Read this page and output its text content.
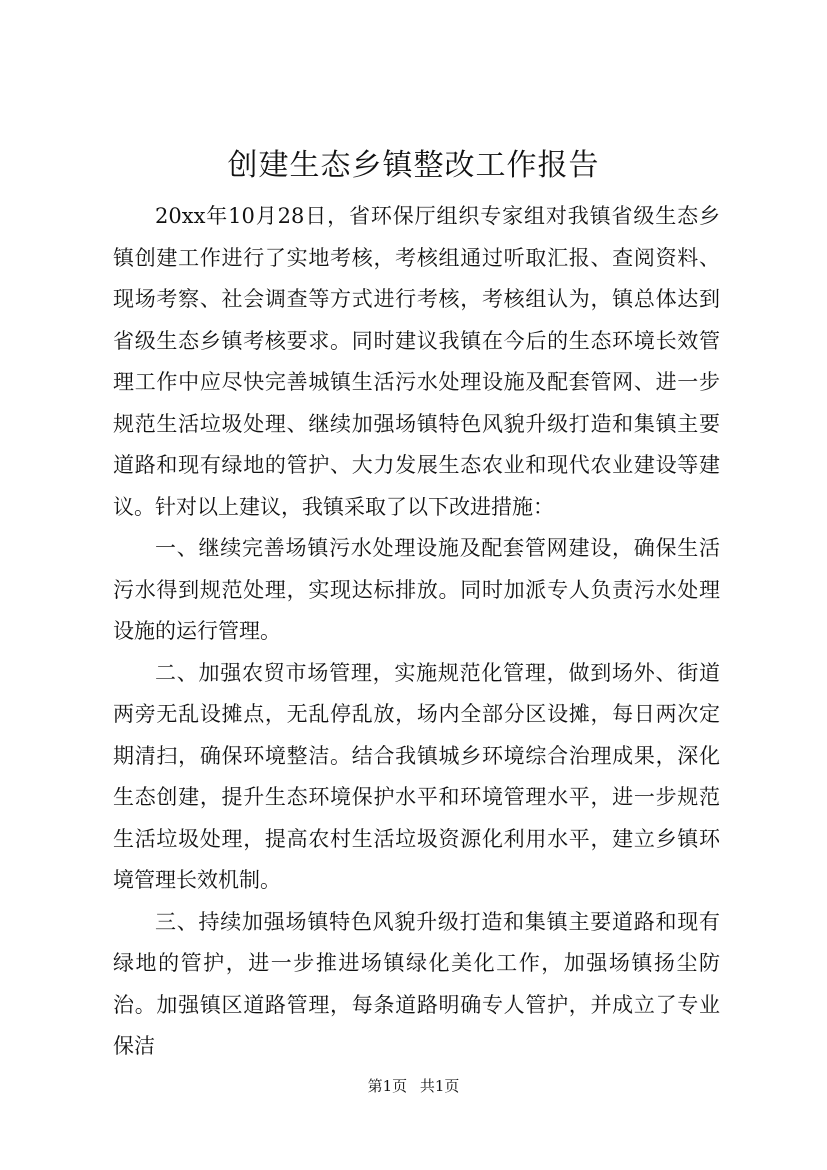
创建生态乡镇整改工作报告

20xx年10月28日，省环保厅组织专家组对我镇省级生态乡镇创建工作进行了实地考核，考核组通过听取汇报、查阅资料、现场考察、社会调查等方式进行考核，考核组认为，镇总体达到省级生态乡镇考核要求。同时建议我镇在今后的生态环境长效管理工作中应尽快完善城镇生活污水处理设施及配套管网、进一步规范生活垃圾处理、继续加强场镇特色风貌升级打造和集镇主要道路和现有绿地的管护、大力发展生态农业和现代农业建设等建议。针对以上建议，我镇采取了以下改进措施：

一、继续完善场镇污水处理设施及配套管网建设，确保生活污水得到规范处理，实现达标排放。同时加派专人负责污水处理设施的运行管理。

二、加强农贸市场管理，实施规范化管理，做到场外、街道两旁无乱设摊点，无乱停乱放，场内全部分区设摊，每日两次定期清扫，确保环境整洁。结合我镇城乡环境综合治理成果，深化生态创建，提升生态环境保护水平和环境管理水平，进一步规范生活垃圾处理，提高农村生活垃圾资源化利用水平，建立乡镇环境管理长效机制。

三、持续加强场镇特色风貌升级打造和集镇主要道路和现有绿地的管护，进一步推进场镇绿化美化工作，加强场镇扬尘防治。加强镇区道路管理，每条道路明确专人管护，并成立了专业保洁

第1页 共1页
